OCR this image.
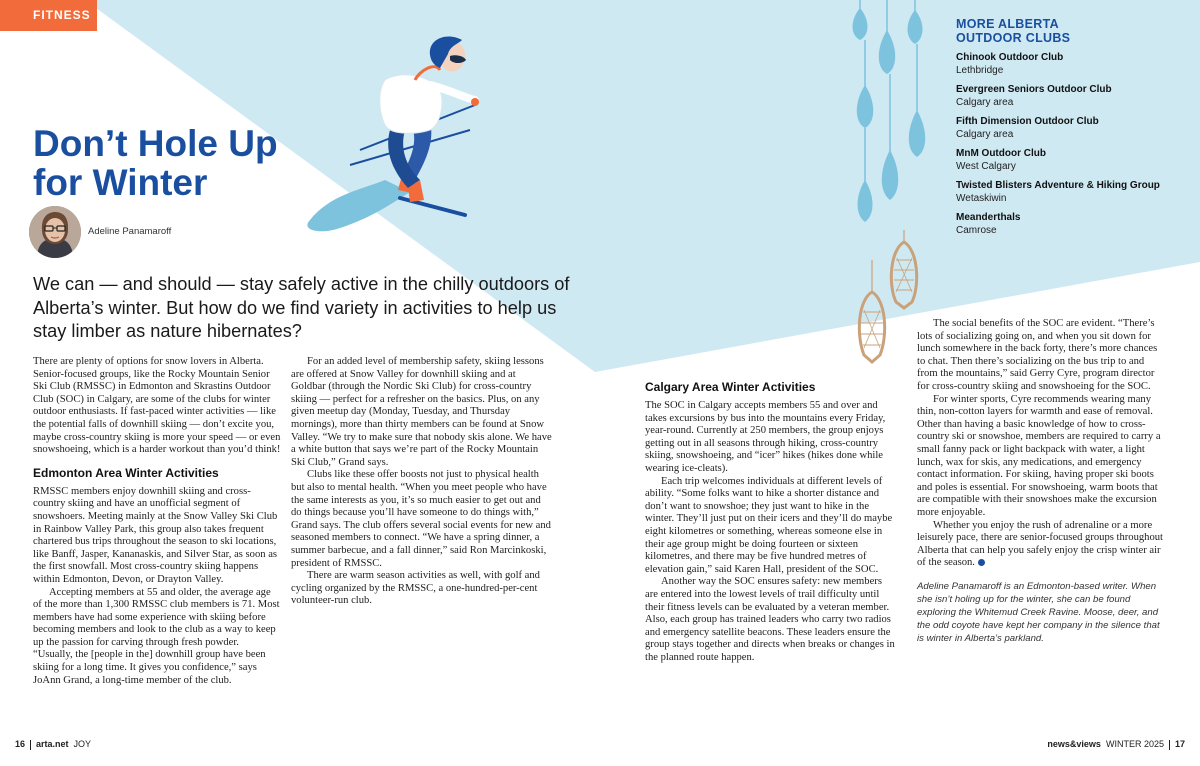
FITNESS
Don’t Hole Up
for Winter
Adeline Panamaroff
MORE ALBERTA
OUTDOOR CLUBS
Chinook Outdoor Club
Lethbridge
Evergreen Seniors Outdoor Club
Calgary area
Fifth Dimension Outdoor Club
Calgary area
MnM Outdoor Club
West Calgary
Twisted Blisters Adventure & Hiking Group
Wetaskiwin
Meanderthals
Camrose

We can — and should — stay safely active in the chilly outdoors of Alberta’s winter. But how do we find variety in activities to help us stay limber as nature hibernates?

There are plenty of options for snow lovers in Alberta. Senior-focused groups, like the Rocky Mountain Senior Ski Club (RMSSC) in Edmonton and Skrastins Outdoor Club (SOC) in Calgary, are some of the clubs for winter outdoor enthusiasts. If fast-paced winter activities — like the potential falls of downhill skiing — don’t excite you, maybe cross-country skiing is more your speed — or even snowshoeing, which is a harder workout than you’d think!

Edmonton Area Winter Activities

RMSSC members enjoy downhill skiing and cross-country skiing and have an unofficial segment of snowshoers. Meeting mainly at the Snow Valley Ski Club in Rainbow Valley Park, this group also takes frequent chartered bus trips throughout the season to ski locations, like Banff, Jasper, Kananaskis, and Silver Star, as soon as the first snowfall. Most cross-country skiing happens within Edmonton, Devon, or Drayton Valley.

Accepting members at 55 and older, the average age of the more than 1,300 RMSSC club members is 71. Most members have had some experience with skiing before becoming members and look to the club as a way to keep up the passion for carving through fresh powder. “Usually, the [people in the] downhill group have been skiing for a long time. It gives you confidence,” says JoAnn Grand, a long-time member of the club.

For an added level of membership safety, skiing lessons are offered at Snow Valley for downhill skiing and at Goldbar (through the Nordic Ski Club) for cross-country skiing — perfect for a refresher on the basics. Plus, on any given meetup day (Monday, Tuesday, and Thursday mornings), more than thirty members can be found at Snow Valley. “We try to make sure that nobody skis alone. We have a white button that says we’re part of the Rocky Mountain Ski Club,” Grand says.

Clubs like these offer boosts not just to physical health but also to mental health. “When you meet people who have the same interests as you, it’s so much easier to get out and do things because you’ll have someone to do things with,” Grand says. The club offers several social events for new and seasoned members to connect. “We have a spring dinner, a summer barbecue, and a fall dinner,” said Ron Marcinkoski, president of RMSSC.

There are warm season activities as well, with golf and cycling organized by the RMSSC, a one-hundred-per-cent volunteer-run club.

Calgary Area Winter Activities

The SOC in Calgary accepts members 55 and over and takes excursions by bus into the mountains every Friday, year-round. Currently at 250 members, the group enjoys getting out in all seasons through hiking, cross-country skiing, snowshoeing, and “icer” hikes (hikes done while wearing ice-cleats).

Each trip welcomes individuals at different levels of ability. “Some folks want to hike a shorter distance and don’t want to snowshoe; they just want to hike in the winter. They’ll just put on their icers and they’ll do maybe eight kilometres or something, whereas someone else in their age group might be doing fourteen or sixteen kilometres, and there may be five hundred metres of elevation gain,” said Karen Hall, president of the SOC.

Another way the SOC ensures safety: new members are entered into the lowest levels of trail difficulty until their fitness levels can be evaluated by a veteran member. Also, each group has trained leaders who carry two radios and emergency satellite beacons. These leaders ensure the group stays together and directs when breaks or changes in the planned route happen.

The social benefits of the SOC are evident. “There’s lots of socializing going on, and when you sit down for lunch somewhere in the back forty, there’s more chances to chat. Then there’s socializing on the bus trip to and from the mountains,” said Gerry Cyre, program director for cross-country skiing and snowshoeing for the SOC.

For winter sports, Cyre recommends wearing many thin, non-cotton layers for warmth and ease of removal. Other than having a basic knowledge of how to cross-country ski or snowshoe, members are required to carry a small fanny pack or light backpack with water, a light lunch, wax for skis, any medications, and emergency contact information. For skiing, having proper ski boots and poles is essential. For snowshoeing, warm boots that are compatible with their snowshoes make the excursion more enjoyable.

Whether you enjoy the rush of adrenaline or a more leisurely pace, there are senior-focused groups throughout Alberta that can help you safely enjoy the crisp winter air of the season.

Adeline Panamaroff is an Edmonton-based writer. When she isn’t holing up for the winter, she can be found exploring the Whitemud Creek Ravine. Moose, deer, and the odd coyote have kept her company in the silence that is winter in Alberta’s parkland.

16 arta.net JOY	news&views WINTER 2025 17
